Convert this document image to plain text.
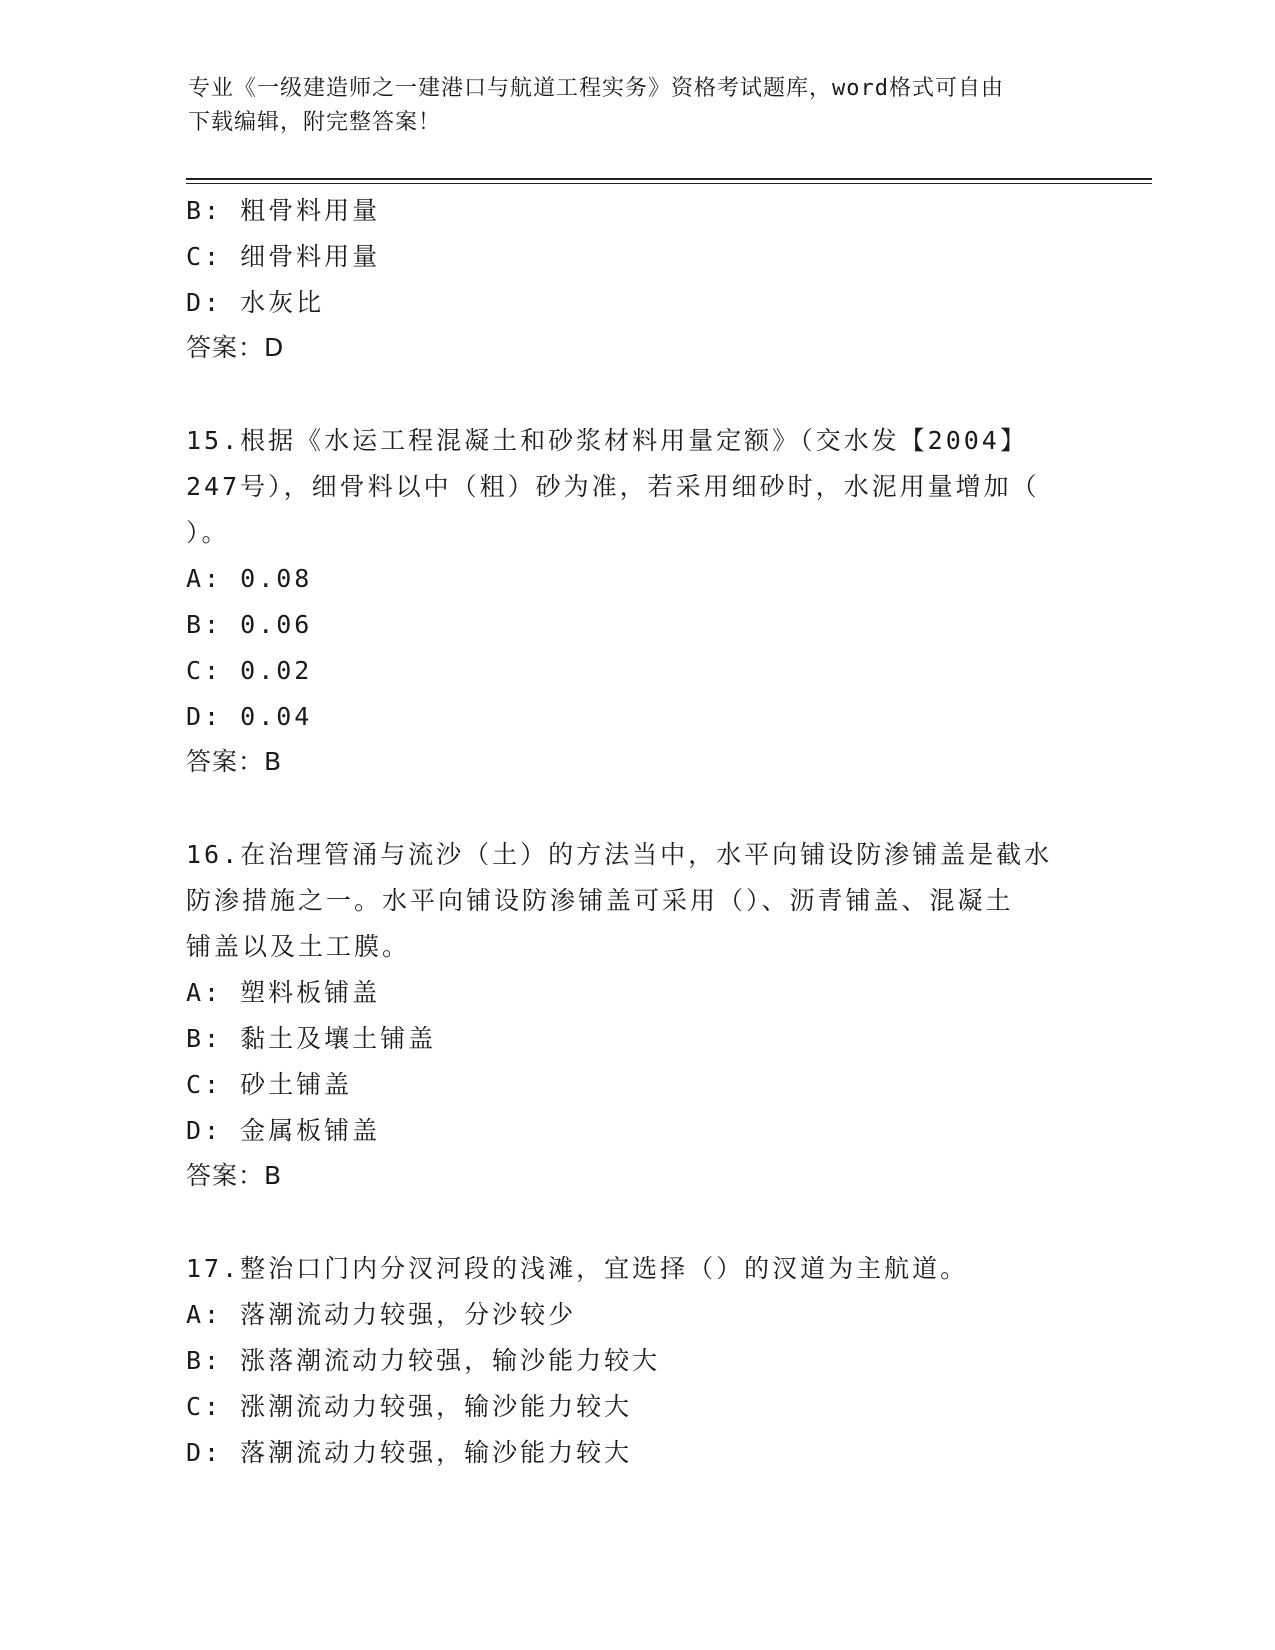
专业《一级建造师之一建港口与航道工程实务》资格考试题库，word格式可自由
下载编辑，附完整答案！
B: 粗骨料用量
C: 细骨料用量
D: 水灰比
答案：D
15.根据《水运工程混凝土和砂浆材料用量定额》（交水发【2004】
247号），细骨料以中（粗）砂为准，若采用细砂时，水泥用量增加（
）。
A: 0.08
B: 0.06
C: 0.02
D: 0.04
答案：B
16.在治理管涌与流沙（土）的方法当中，水平向铺设防渗铺盖是截水
防渗措施之一。水平向铺设防渗铺盖可采用（）、沥青铺盖、混凝土
铺盖以及土工膜。
A: 塑料板铺盖
B: 黏土及壤土铺盖
C: 砂土铺盖
D: 金属板铺盖
答案：B
17.整治口门内分汊河段的浅滩，宜选择（）的汊道为主航道。
A: 落潮流动力较强，分沙较少
B: 涨落潮流动力较强，输沙能力较大
C: 涨潮流动力较强，输沙能力较大
D: 落潮流动力较强，输沙能力较大
